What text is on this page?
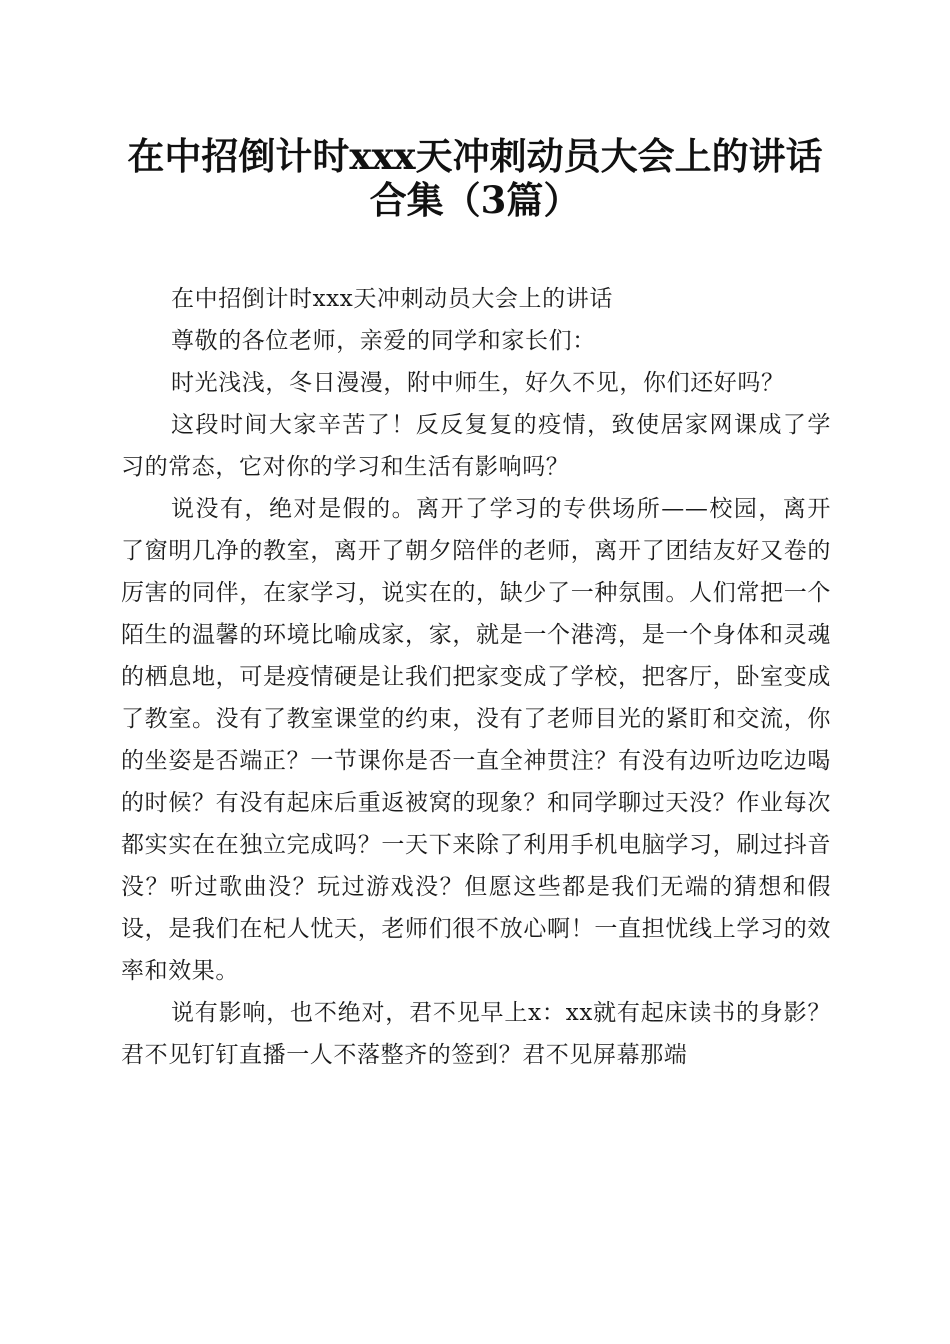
在中招倒计时xxx天冲刺动员大会上的讲话合集（3篇）

在中招倒计时xxx天冲刺动员大会上的讲话

尊敬的各位老师，亲爱的同学和家长们：

时光浅浅，冬日漫漫，附中师生，好久不见，你们还好吗？

这段时间大家辛苦了！反反复复的疫情，致使居家网课成了学习的常态，它对你的学习和生活有影响吗？

说没有，绝对是假的。离开了学习的专供场所——校园，离开了窗明几净的教室，离开了朝夕陪伴的老师，离开了团结友好又卷的厉害的同伴，在家学习，说实在的，缺少了一种氛围。人们常把一个陌生的温馨的环境比喻成家，家，就是一个港湾，是一个身体和灵魂的栖息地，可是疫情硬是让我们把家变成了学校，把客厅，卧室变成了教室。没有了教室课堂的约束，没有了老师目光的紧盯和交流，你的坐姿是否端正？一节课你是否一直全神贯注？有没有边听边吃边喝的时候？有没有起床后重返被窝的现象？和同学聊过天没？作业每次都实实在在独立完成吗？一天下来除了利用手机电脑学习，刷过抖音没？听过歌曲没？玩过游戏没？但愿这些都是我们无端的猜想和假设，是我们在杞人忧天，老师们很不放心啊！一直担忧线上学习的效率和效果。

说有影响，也不绝对，君不见早上x：xx就有起床读书的身影？君不见钉钉直播一人不落整齐的签到？君不见屏幕那端
